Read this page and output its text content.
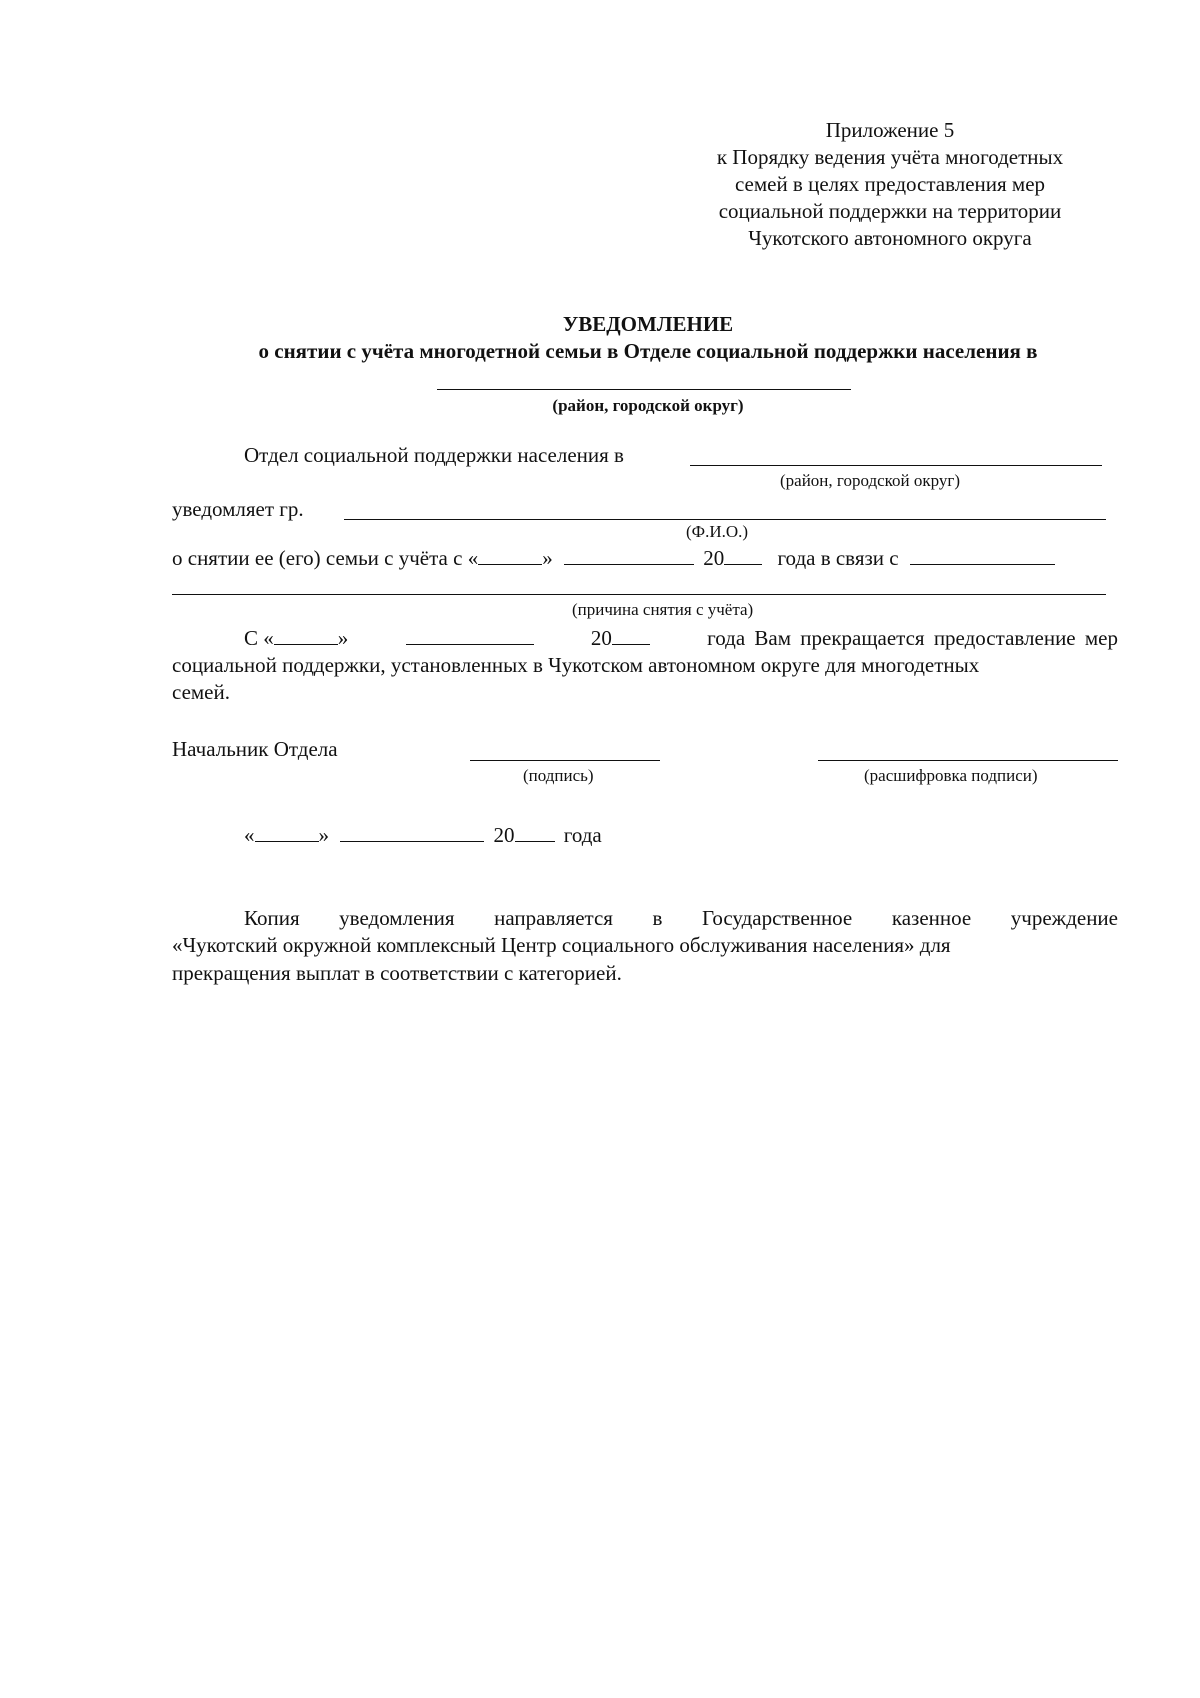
Приложение 5
к Порядку ведения учёта многодетных
семей в целях предоставления мер
социальной поддержки на территории
Чукотского автономного округа
УВЕДОМЛЕНИЕ
о снятии с учёта многодетной семьи в Отделе социальной поддержки населения в
(район, городской округ)
Отдел социальной поддержки населения в
(район, городской округ)
уведомляет гр.
(Ф.И.О.)
о снятии ее (его) семьи с учёта с «	»	20	года в связи с
(причина снятия с учёта)
С «	»	20	года Вам прекращается предоставление мер
социальной поддержки, установленных в Чукотском автономном округе для многодетных
семей.
Начальник Отдела
(подпись)	(расшифровка подписи)
«	»	20 года
Копия уведомления направляется в Государственное казенное учреждение
«Чукотский окружной комплексный Центр социального обслуживания населения» для
прекращения выплат в соответствии с категорией.
